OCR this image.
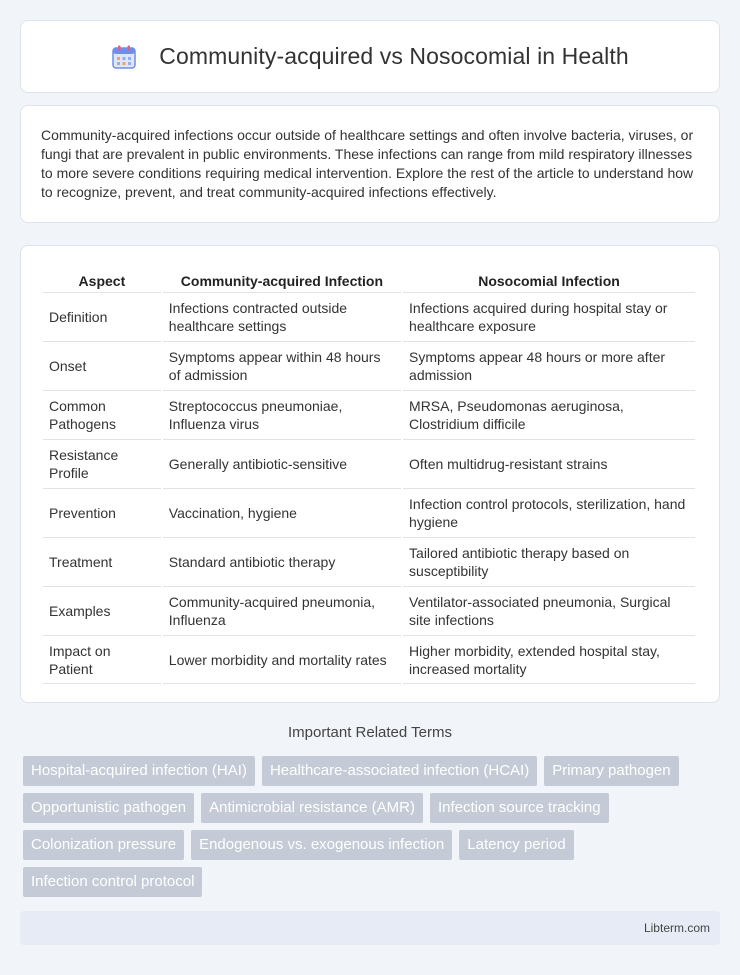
Community-acquired vs Nosocomial in Health

Community-acquired infections occur outside of healthcare settings and often involve bacteria, viruses, or fungi that are prevalent in public environments. These infections can range from mild respiratory illnesses to more severe conditions requiring medical intervention. Explore the rest of the article to understand how to recognize, prevent, and treat community-acquired infections effectively.

Aspect	Community-acquired Infection	Nosocomial Infection
Definition	Infections contracted outside healthcare settings	Infections acquired during hospital stay or healthcare exposure
Onset	Symptoms appear within 48 hours of admission	Symptoms appear 48 hours or more after admission
Common Pathogens	Streptococcus pneumoniae, Influenza virus	MRSA, Pseudomonas aeruginosa, Clostridium difficile
Resistance Profile	Generally antibiotic-sensitive	Often multidrug-resistant strains
Prevention	Vaccination, hygiene	Infection control protocols, sterilization, hand hygiene
Treatment	Standard antibiotic therapy	Tailored antibiotic therapy based on susceptibility
Examples	Community-acquired pneumonia, Influenza	Ventilator-associated pneumonia, Surgical site infections
Impact on Patient	Lower morbidity and mortality rates	Higher morbidity, extended hospital stay, increased mortality
Important Related Terms
Hospital-acquired infection (HAI)	Healthcare-associated infection (HCAI)	Primary pathogen
Opportunistic pathogen	Antimicrobial resistance (AMR)	Infection source tracking
Colonization pressure	Endogenous vs. exogenous infection	Latency period
Infection control protocol
Libterm.com
